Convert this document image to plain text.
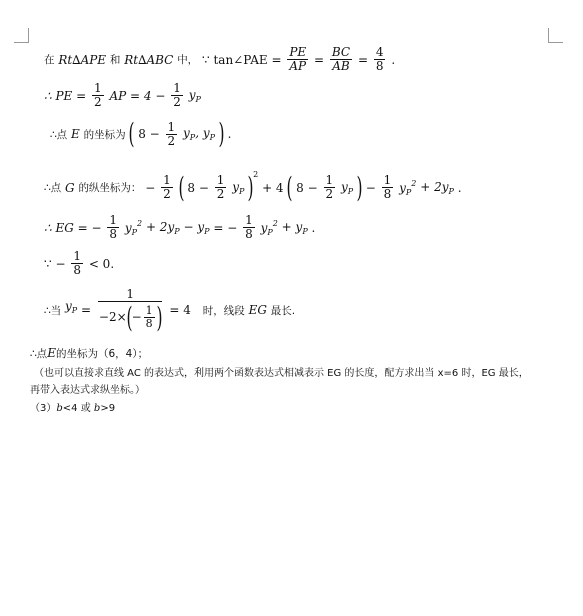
在 Rt∆APE 和 Rt∆ABC 中， ∵ tan∠PAE = $\frac{PE}{AP} = \frac{BC}{AB} = \frac{4}{8}$ .
∴ PE = $\frac{1}{2}$ AP = $4 - \frac{1}{2} y_P$
∴点 E 的坐标为 ( $8 - \frac{1}{2} y_P$, $y_P$ ) .
∴点 G 的纵坐标为： − $\frac{1}{2}$ ( $8 - \frac{1}{2} y_P$ )$^2$ + 4 ( $8 - \frac{1}{2} y_P$ ) − $\frac{1}{8} y_P^2 + 2y_P$ .
∴ EG = − $\frac{1}{8} y_P^2 + 2y_P - y_P$ = − $\frac{1}{8} y_P^2 + y_P$ .
∵ − $\frac{1}{8} < 0$.
∴当 $y_P = \frac{1}{-2\times(- \frac{1}{8} )} = 4$ 时，线段 EG 最长.
∴点E的坐标为（6，4）；
（也可以直接求直线 AC 的表达式，利用两个函数表达式相减表示 EG 的长度，配方求出当 x=6 时，EG 最长，
再带入表达式求纵坐标。）
（3）b<4 或 b>9
